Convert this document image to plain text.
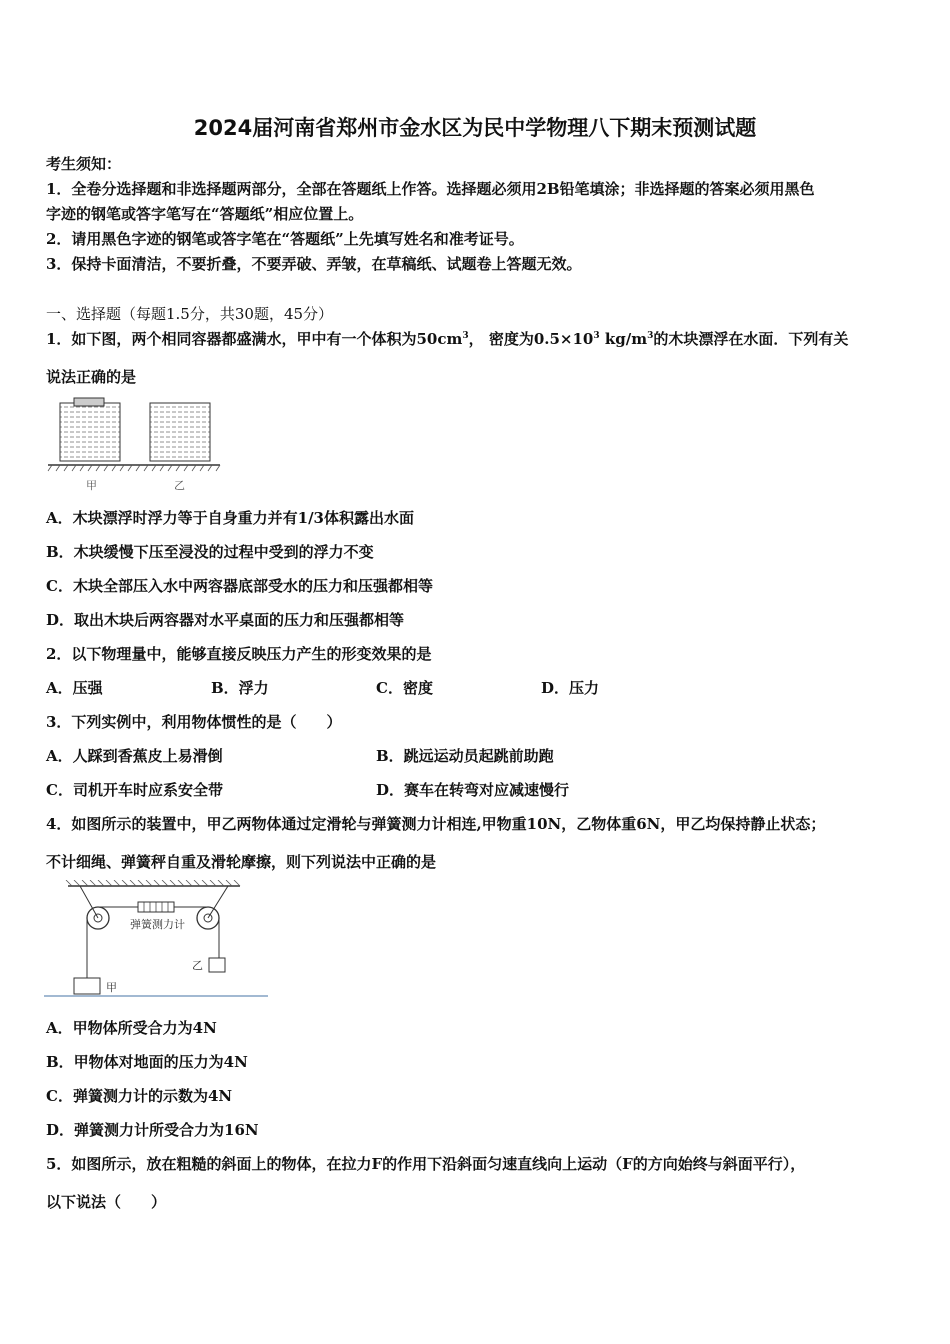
2024届河南省郑州市金水区为民中学物理八下期末预测试题
考生须知：
1．全卷分选择题和非选择题两部分，全部在答题纸上作答。选择题必须用2B铅笔填涂；非选择题的答案必须用黑色
字迹的钢笔或答字笔写在“答题纸”相应位置上。
2．请用黑色字迹的钢笔或答字笔在“答题纸”上先填写姓名和准考证号。
3．保持卡面清洁，不要折叠，不要弄破、弄皱，在草稿纸、试题卷上答题无效。
一、选择题（每题1.5分，共30题，45分）
1．如下图，两个相同容器都盛满水，甲中有一个体积为$50cm^3$， 密度为$0.5\times 10^3$ $kg/m^3$的木块漂浮在水面．下列有关
说法正确的是
甲	乙
A．木块漂浮时浮力等于自身重力并有1/3体积露出水面
B．木块缓慢下压至浸没的过程中受到的浮力不变
C．木块全部压入水中两容器底部受水的压力和压强都相等
D．取出木块后两容器对水平桌面的压力和压强都相等
2．以下物理量中，能够直接反映压力产生的形变效果的是
A．压强	B．浮力	C．密度	D．压力
3．下列实例中，利用物体惯性的是（　　）
A．人踩到香蕉皮上易滑倒	B．跳远运动员起跳前助跑
C．司机开车时应系安全带	D．赛车在转弯对应减速慢行
4．如图所示的装置中，甲乙两物体通过定滑轮与弹簧测力计相连,甲物重10N，乙物体重6N，甲乙均保持静止状态；
不计细绳、弹簧秤自重及滑轮摩擦，则下列说法中正确的是
弹簧测力计
甲
乙
A．甲物体所受合力为4N
B．甲物体对地面的压力为4N
C．弹簧测力计的示数为4N
D．弹簧测力计所受合力为16N
5．如图所示，放在粗糙的斜面上的物体，在拉力F的作用下沿斜面匀速直线向上运动（F的方向始终与斜面平行），
以下说法（　　）
